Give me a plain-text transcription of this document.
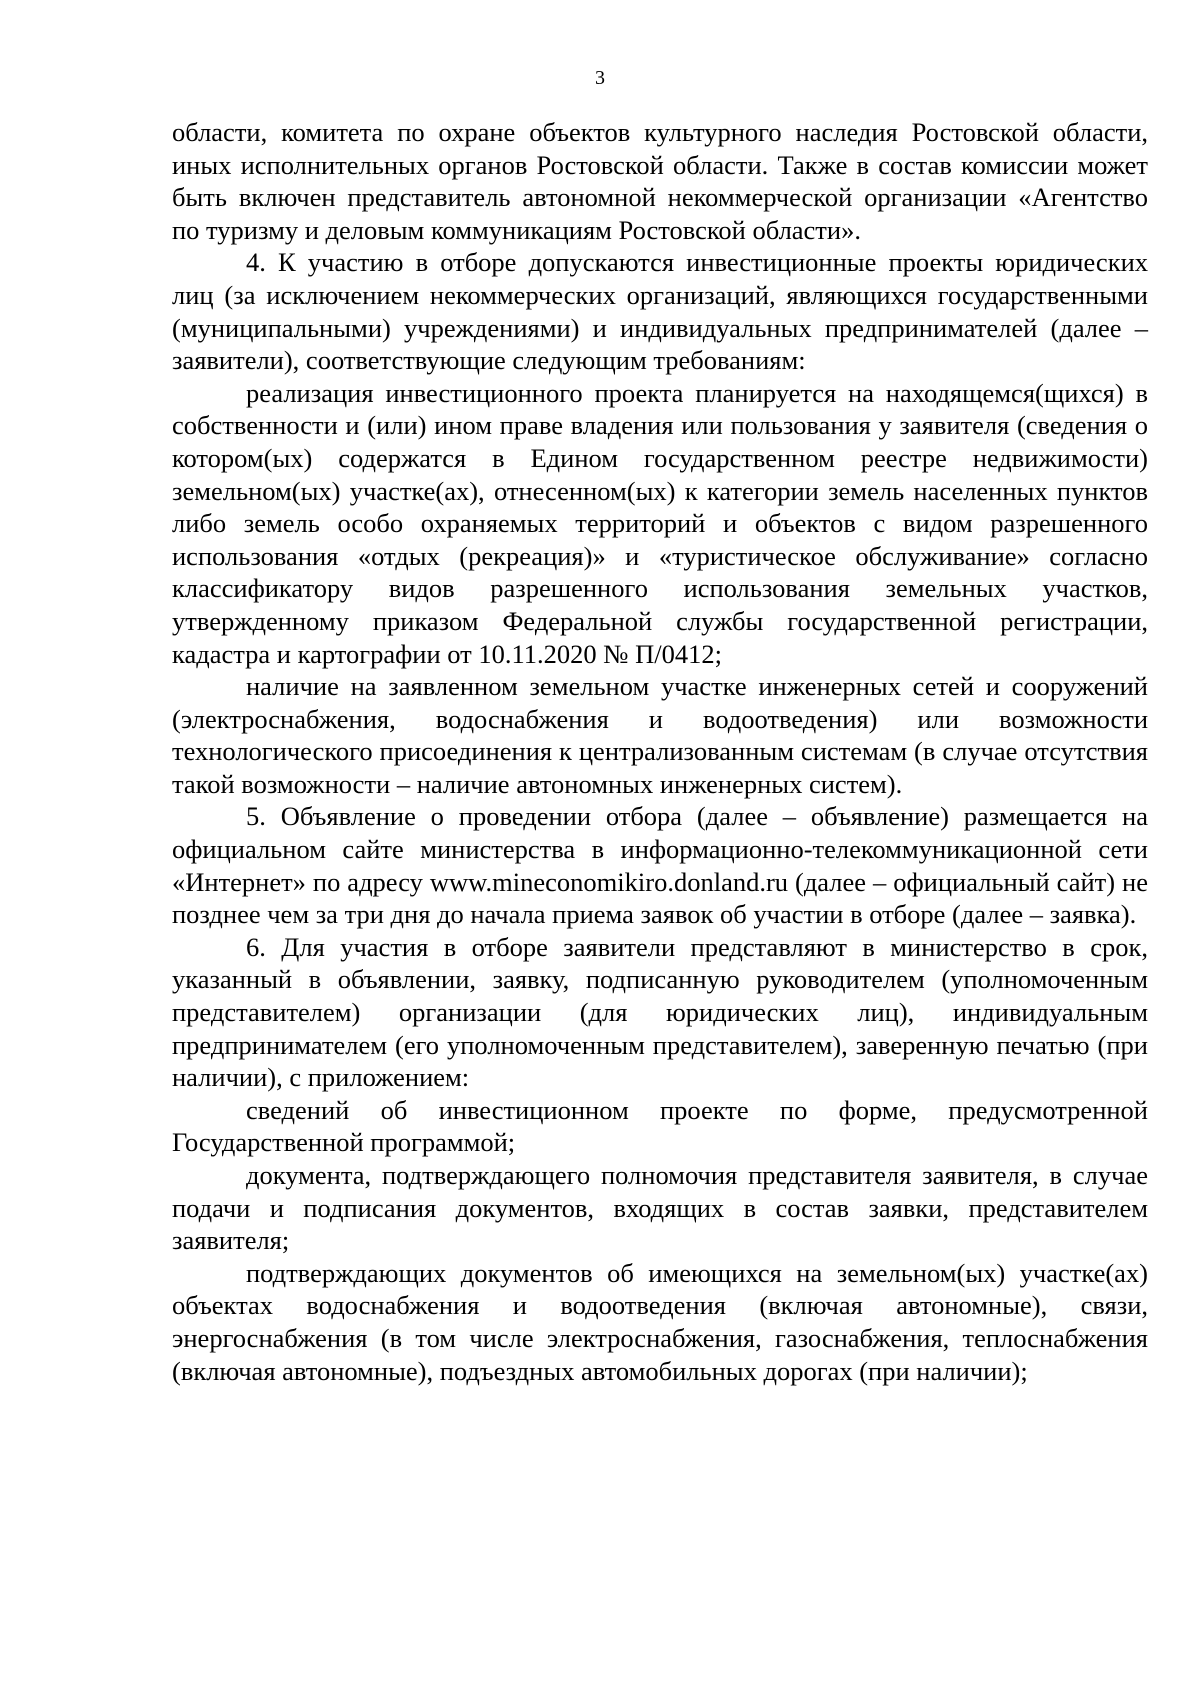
3

области, комитета по охране объектов культурного наследия Ростовской области, иных исполнительных органов Ростовской области. Также в состав комиссии может быть включен представитель автономной некоммерческой организации «Агентство по туризму и деловым коммуникациям Ростовской области».

4. К участию в отборе допускаются инвестиционные проекты юридических лиц (за исключением некоммерческих организаций, являющихся государственными (муниципальными) учреждениями) и индивидуальных предпринимателей (далее – заявители), соответствующие следующим требованиям:

реализация инвестиционного проекта планируется на находящемся(щихся) в собственности и (или) ином праве владения или пользования у заявителя (сведения о котором(ых) содержатся в Едином государственном реестре недвижимости) земельном(ых) участке(ах), отнесенном(ых) к категории земель населенных пунктов либо земель особо охраняемых территорий и объектов с видом разрешенного использования «отдых (рекреация)» и «туристическое обслуживание» согласно классификатору видов разрешенного использования земельных участков, утвержденному приказом Федеральной службы государственной регистрации, кадастра и картографии от 10.11.2020 № П/0412;

наличие на заявленном земельном участке инженерных сетей и сооружений (электроснабжения, водоснабжения и водоотведения) или возможности технологического присоединения к централизованным системам (в случае отсутствия такой возможности – наличие автономных инженерных систем).

5. Объявление о проведении отбора (далее – объявление) размещается на официальном сайте министерства в информационно-телекоммуникационной сети «Интернет» по адресу www.mineconomikiro.donland.ru (далее – официальный сайт) не позднее чем за три дня до начала приема заявок об участии в отборе (далее – заявка).

6. Для участия в отборе заявители представляют в министерство в срок, указанный в объявлении, заявку, подписанную руководителем (уполномоченным представителем) организации (для юридических лиц), индивидуальным предпринимателем (его уполномоченным представителем), заверенную печатью (при наличии), с приложением:

сведений об инвестиционном проекте по форме, предусмотренной Государственной программой;

документа, подтверждающего полномочия представителя заявителя, в случае подачи и подписания документов, входящих в состав заявки, представителем заявителя;

подтверждающих документов об имеющихся на земельном(ых) участке(ах) объектах водоснабжения и водоотведения (включая автономные), связи, энергоснабжения (в том числе электроснабжения, газоснабжения, теплоснабжения (включая автономные), подъездных автомобильных дорогах (при наличии);
